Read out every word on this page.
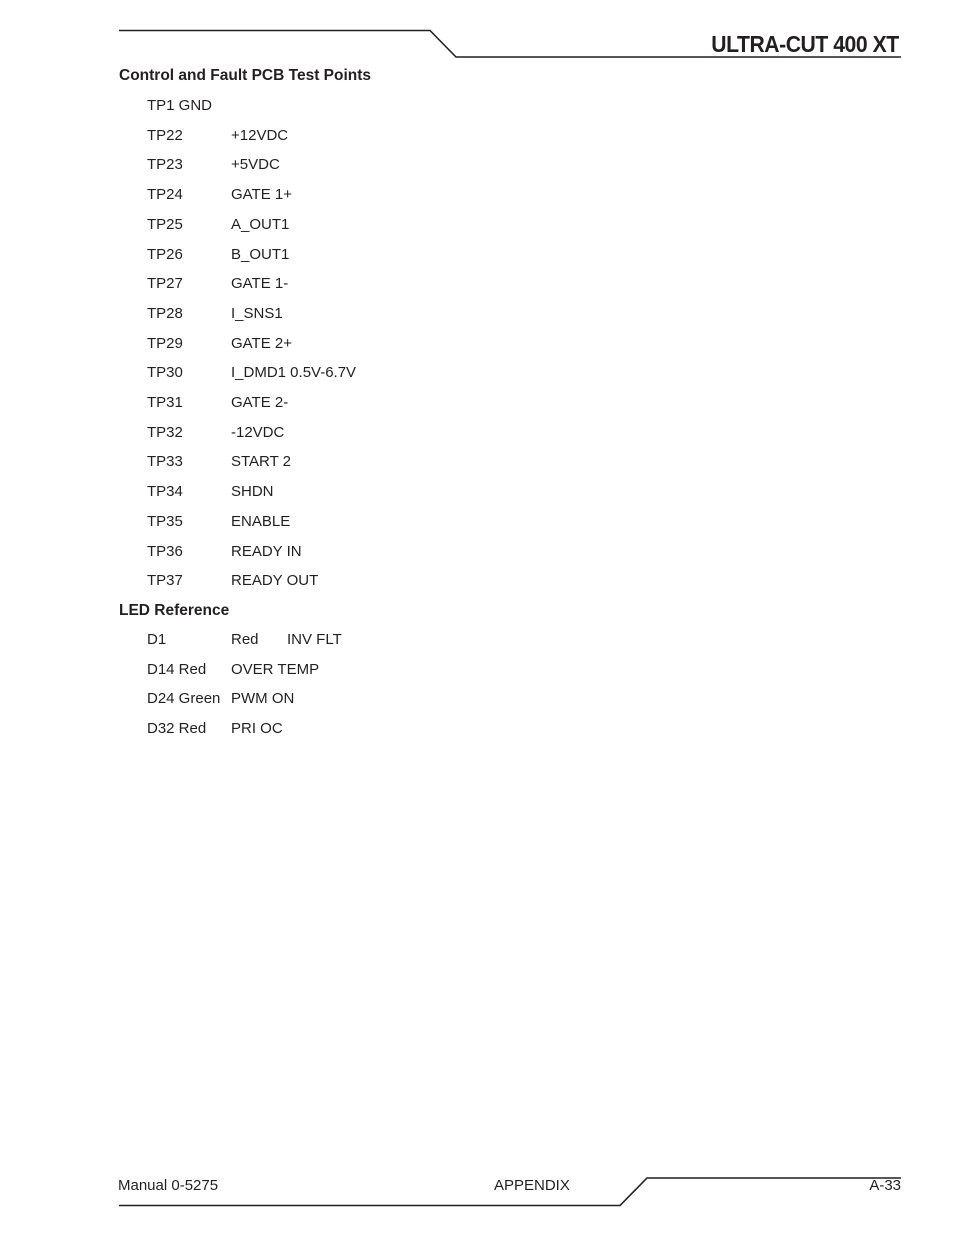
ULTRA-CUT 400 XT
Control and Fault PCB Test Points
TP1 GND
TP22	+12VDC
TP23	+5VDC
TP24	GATE 1+
TP25	A_OUT1
TP26	B_OUT1
TP27	GATE 1-
TP28	I_SNS1
TP29	GATE 2+
TP30	I_DMD1 0.5V-6.7V
TP31	GATE 2-
TP32	-12VDC
TP33	START 2
TP34	SHDN
TP35	ENABLE
TP36	READY IN
TP37	READY OUT
LED Reference
D1	Red INV FLT
D14 Red OVER TEMP
D24 Green PWM ON
D32 Red PRI OC
Manual 0-5275	APPENDIX	A-33
